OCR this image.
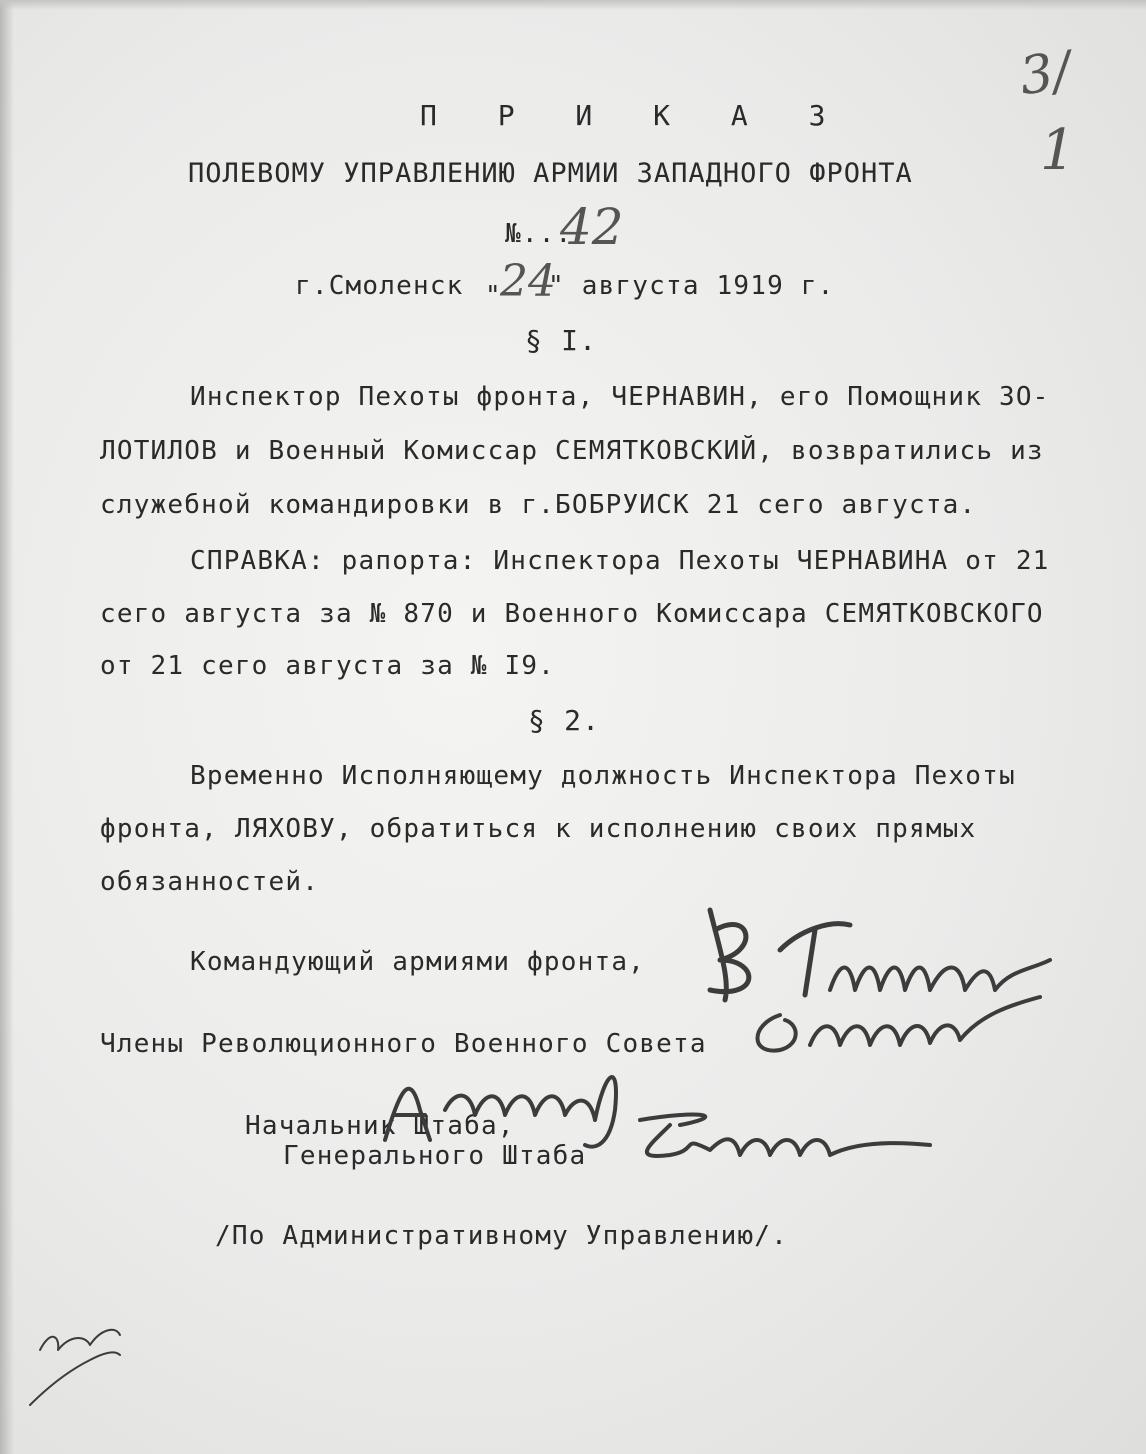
3/
1
П Р И К А З
ПОЛЕВОМУ УПРАВЛЕНИЮ АРМИИ ЗАПАДНОГО ФРОНТА
№...
42
г.Смоленск "
24
" августа 1919 г.
§ I.
Инспектор Пехоты фронта, ЧЕРНАВИН, его Помощник ЗО-
ЛОТИЛОВ и Военный Комиссар СЕМЯТКОВСКИЙ, возвратились из
служебной командировки в г.БОБРУИСК 21 сего августа.
СПРАВКА: рапорта: Инспектора Пехоты ЧЕРНАВИНА от 21
сего августа за № 870 и Военного Комиссара СЕМЯТКОВСКОГО
от 21 сего августа за № I9.
§ 2.
Временно Исполняющему должность Инспектора Пехоты
фронта, ЛЯХОВУ, обратиться к исполнению своих прямых
обязанностей.
Командующий армиями фронта,
Члены Революционного Военного Совета
Начальник Штаба,
Генерального Штаба
/По Административному Управлению/.
